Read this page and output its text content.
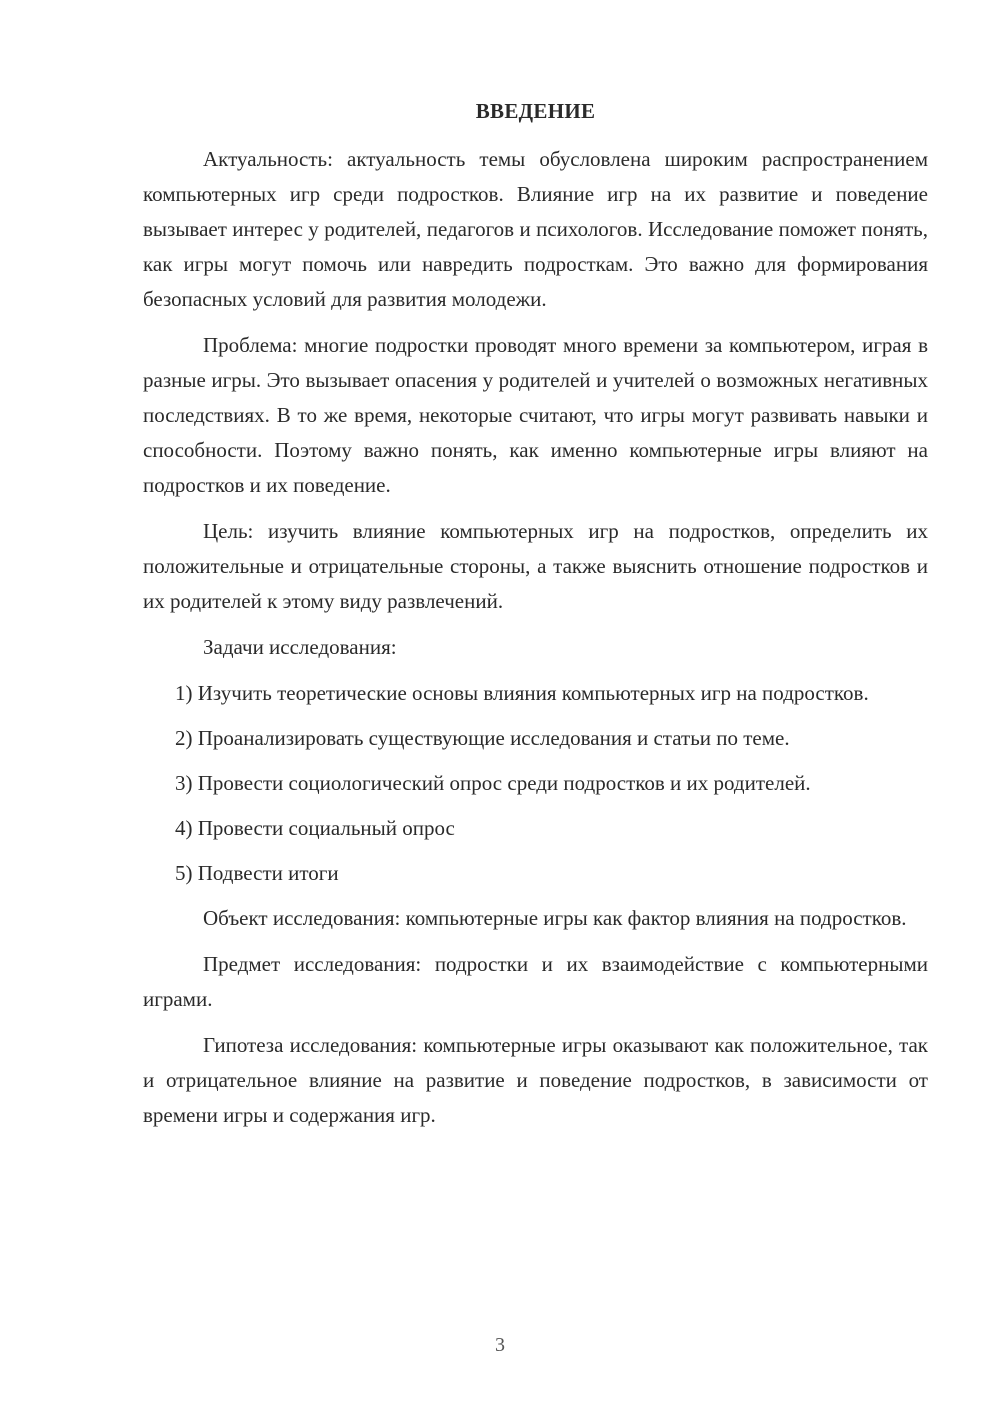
ВВЕДЕНИЕ

Актуальность: актуальность темы обусловлена широким распространением компьютерных игр среди подростков. Влияние игр на их развитие и поведение вызывает интерес у родителей, педагогов и психологов. Исследование поможет понять, как игры могут помочь или навредить подросткам. Это важно для формирования безопасных условий для развития молодежи.

Проблема: многие подростки проводят много времени за компьютером, играя в разные игры. Это вызывает опасения у родителей и учителей о возможных негативных последствиях. В то же время, некоторые считают, что игры могут развивать навыки и способности. Поэтому важно понять, как именно компьютерные игры влияют на подростков и их поведение.

Цель: изучить влияние компьютерных игр на подростков, определить их положительные и отрицательные стороны, а также выяснить отношение подростков и их родителей к этому виду развлечений.

Задачи исследования:

1) Изучить теоретические основы влияния компьютерных игр на подростков.

2) Проанализировать существующие исследования и статьи по теме.

3) Провести социологический опрос среди подростков и их родителей.

4) Провести социальный опрос

5) Подвести итоги

Объект исследования: компьютерные игры как фактор влияния на подростков.

Предмет исследования: подростки и их взаимодействие с компьютерными играми.

Гипотеза исследования: компьютерные игры оказывают как положительное, так и отрицательное влияние на развитие и поведение подростков, в зависимости от времени игры и содержания игр.

3
